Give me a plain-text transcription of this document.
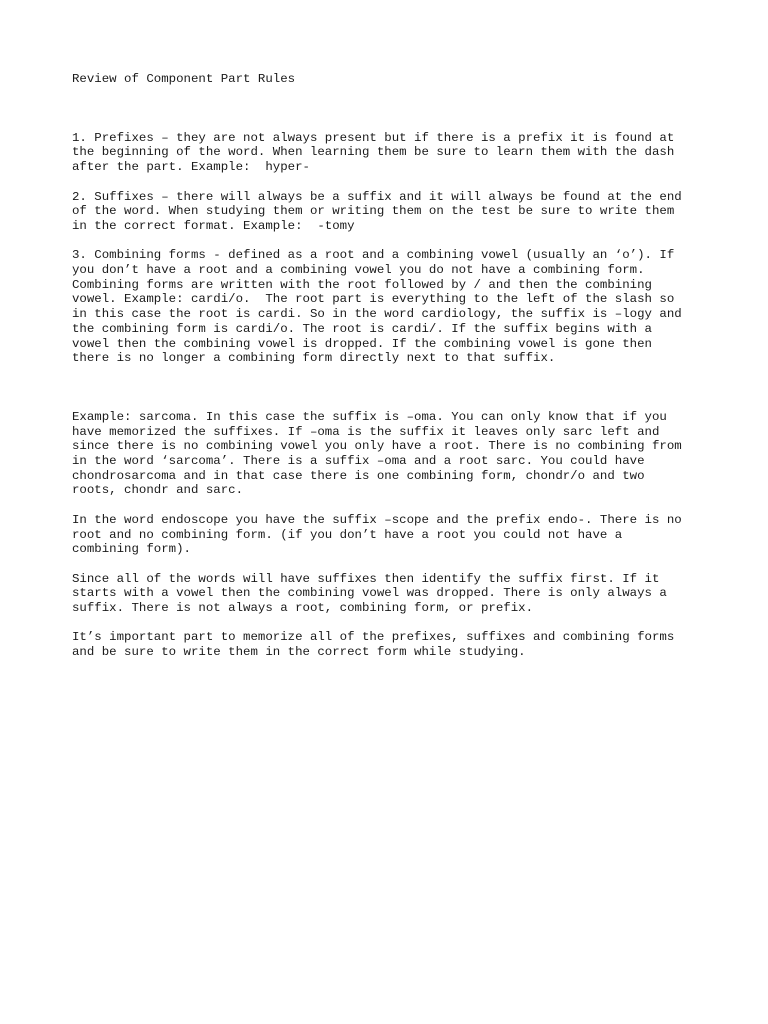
Review of Component Part Rules

1. Prefixes – they are not always present but if there is a prefix it is found at
the beginning of the word. When learning them be sure to learn them with the dash
after the part. Example:  hyper-

2. Suffixes – there will always be a suffix and it will always be found at the end
of the word. When studying them or writing them on the test be sure to write them
in the correct format. Example:  -tomy

3. Combining forms - defined as a root and a combining vowel (usually an ‘o’). If
you don’t have a root and a combining vowel you do not have a combining form.
Combining forms are written with the root followed by / and then the combining
vowel. Example: cardi/o.  The root part is everything to the left of the slash so
in this case the root is cardi. So in the word cardiology, the suffix is –logy and
the combining form is cardi/o. The root is cardi/. If the suffix begins with a
vowel then the combining vowel is dropped. If the combining vowel is gone then
there is no longer a combining form directly next to that suffix.

Example: sarcoma. In this case the suffix is –oma. You can only know that if you
have memorized the suffixes. If –oma is the suffix it leaves only sarc left and
since there is no combining vowel you only have a root. There is no combining from
in the word ‘sarcoma’. There is a suffix –oma and a root sarc. You could have
chondrosarcoma and in that case there is one combining form, chondr/o and two
roots, chondr and sarc.

In the word endoscope you have the suffix –scope and the prefix endo-. There is no
root and no combining form. (if you don’t have a root you could not have a
combining form).

Since all of the words will have suffixes then identify the suffix first. If it
starts with a vowel then the combining vowel was dropped. There is only always a
suffix. There is not always a root, combining form, or prefix.

It’s important part to memorize all of the prefixes, suffixes and combining forms
and be sure to write them in the correct form while studying.
